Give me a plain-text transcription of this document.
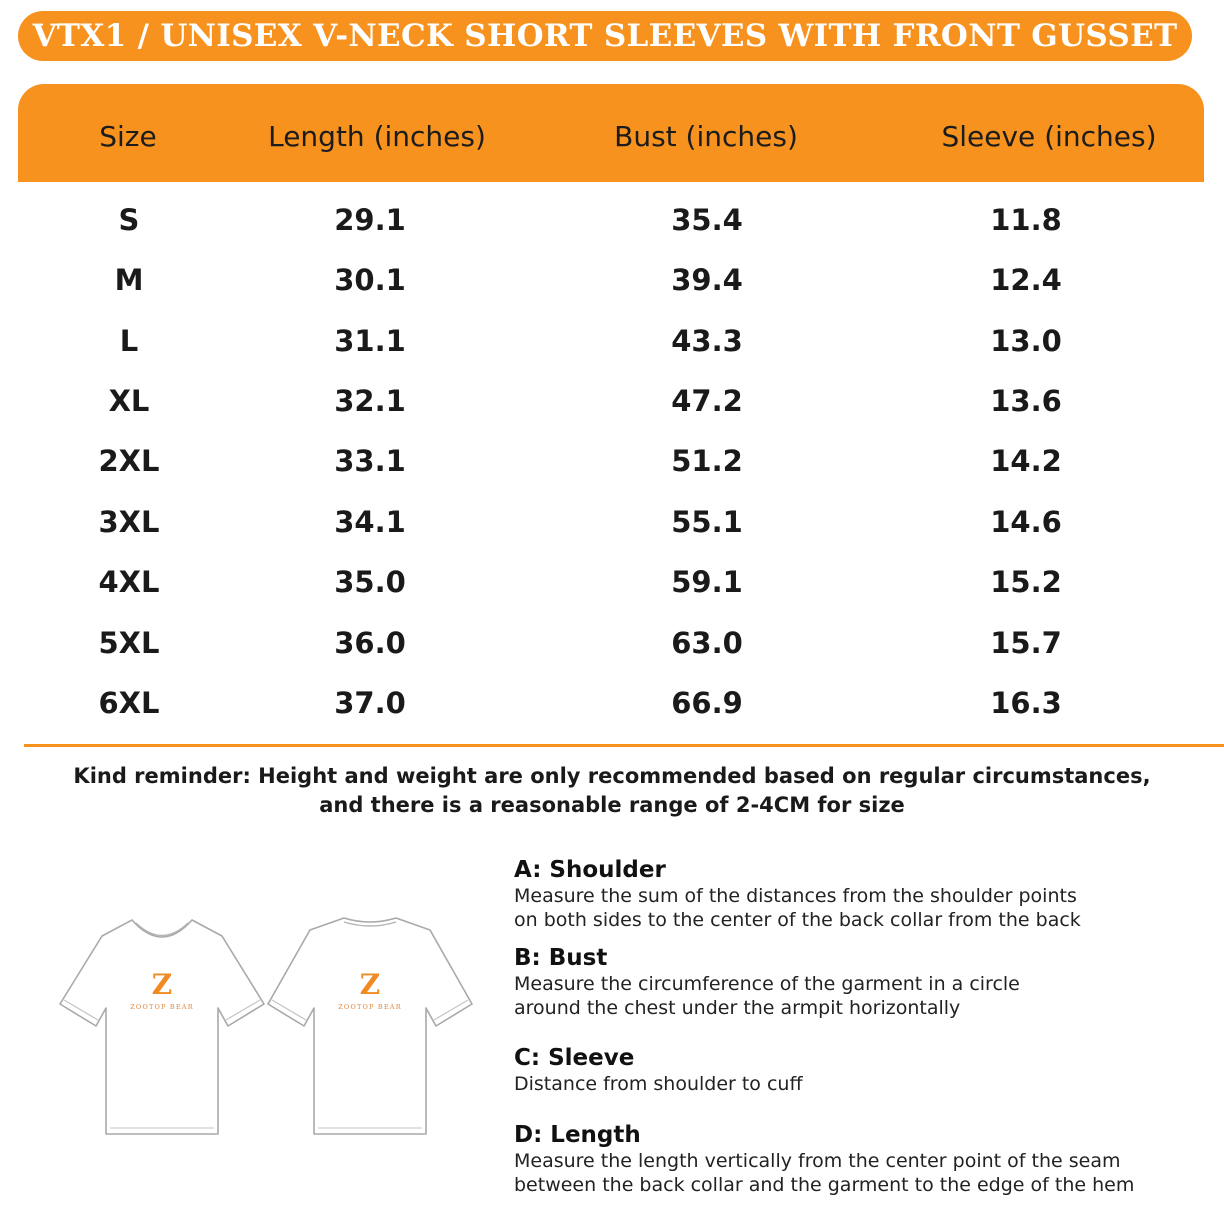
VTX1 / UNISEX V-NECK SHORT SLEEVES WITH FRONT GUSSET
Size	Length (inches)	Bust (inches)	Sleeve (inches)
S	29.1	35.4	11.8
M	30.1	39.4	12.4
L	31.1	43.3	13.0
XL	32.1	47.2	13.6
2XL	33.1	51.2	14.2
3XL	34.1	55.1	14.6
4XL	35.0	59.1	15.2
5XL	36.0	63.0	15.7
6XL	37.0	66.9	16.3
Kind reminder: Height and weight are only recommended based on regular circumstances,
and there is a reasonable range of 2-4CM for size
Z
ZOOTOP BEAR
Z
ZOOTOP BEAR
A: Shoulder
Measure the sum of the distances from the shoulder points
on both sides to the center of the back collar from the back
B: Bust
Measure the circumference of the garment in a circle
around the chest under the armpit horizontally
C: Sleeve
Distance from shoulder to cuff
D: Length
Measure the length vertically from the center point of the seam
between the back collar and the garment to the edge of the hem
